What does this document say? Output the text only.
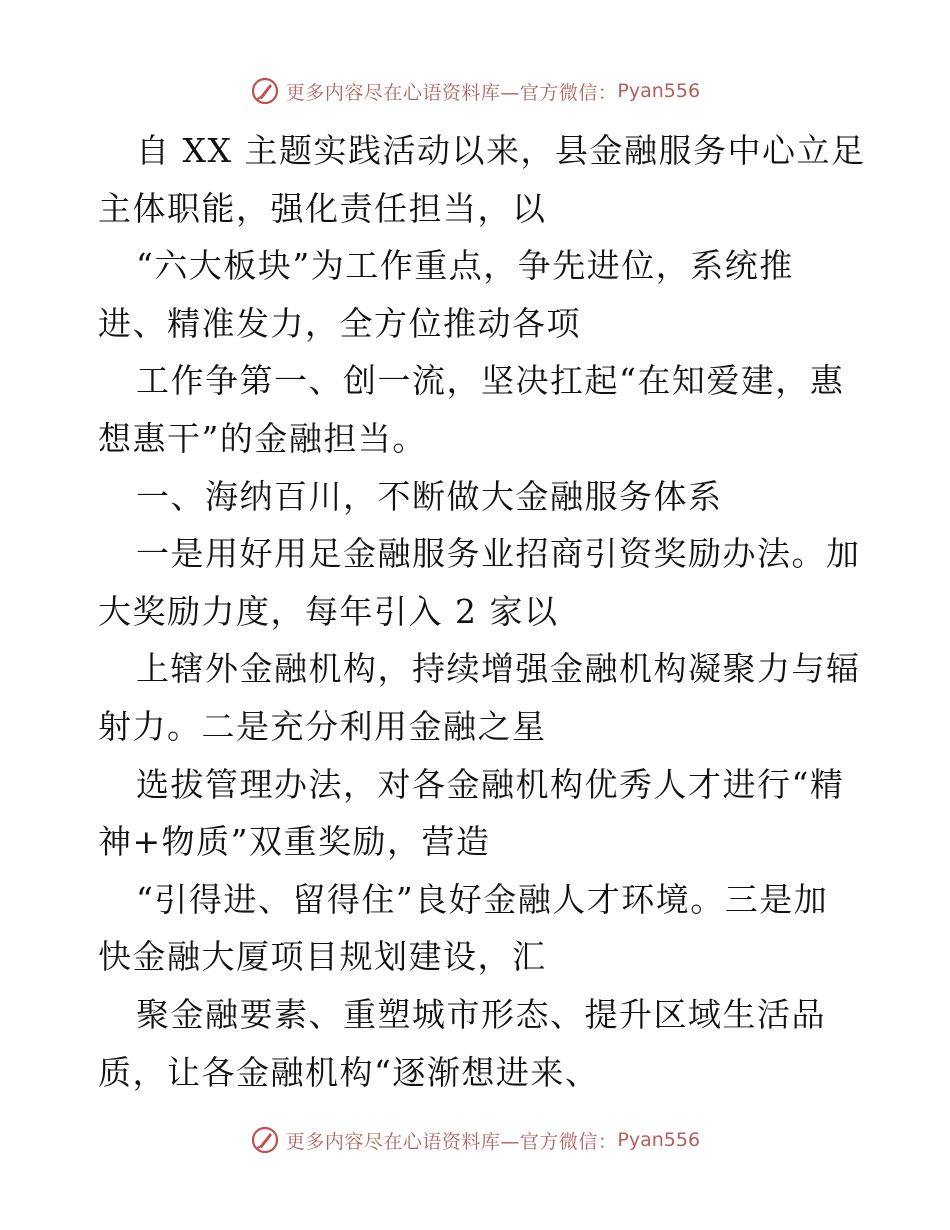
更多内容尽在心语资料库—官方微信： Pyan556
自 XX 主题实践活动以来，县金融服务中心立足
主体职能，强化责任担当，以
“六大板块”为工作重点，争先进位，系统推
进、精准发力，全方位推动各项
工作争第一、创一流，坚决扛起“在知爱建，惠
想惠干”的金融担当。
一、海纳百川，不断做大金融服务体系
一是用好用足金融服务业招商引资奖励办法。加
大奖励力度，每年引入 2 家以
上辖外金融机构，持续增强金融机构凝聚力与辐
射力。二是充分利用金融之星
选拔管理办法，对各金融机构优秀人才进行“精
神+物质”双重奖励，营造
“引得进、留得住”良好金融人才环境。三是加
快金融大厦项目规划建设，汇
聚金融要素、重塑城市形态、提升区域生活品
质，让各金融机构“逐渐想进来、
更多内容尽在心语资料库—官方微信： Pyan556
